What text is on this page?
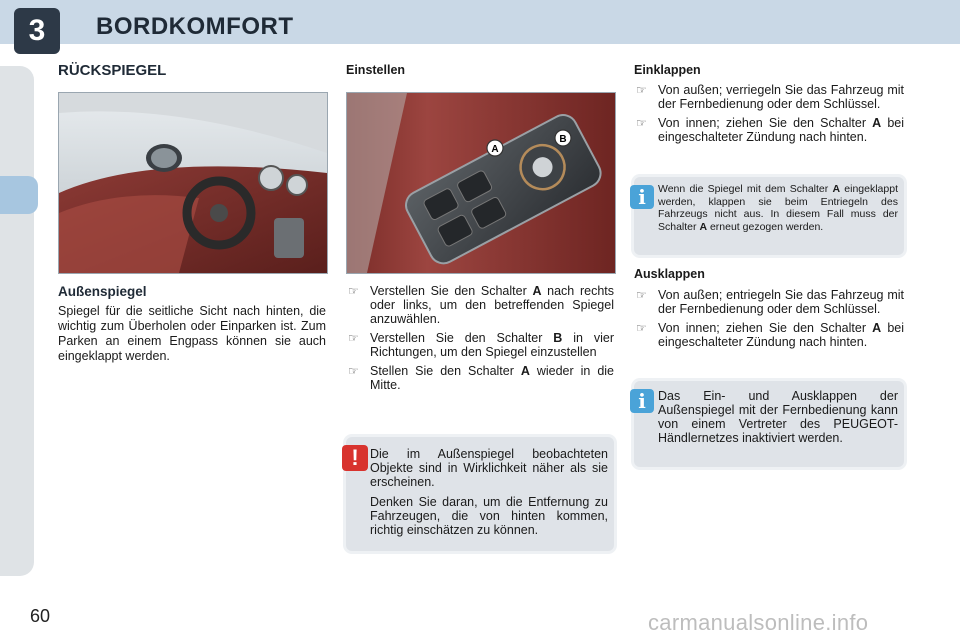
3	BORDKOMFORT
RÜCKSPIEGEL
Außenspiegel
Spiegel für die seitliche Sicht nach hinten, die wichtig zum Überholen oder Einparken ist. Zum Parken an einem Engpass können sie auch eingeklappt werden.
Einstellen
A
B
☞ Verstellen Sie den Schalter A nach rechts oder links, um den betreffenden Spiegel anzuwählen.
☞ Verstellen Sie den Schalter B in vier Richtungen, um den Spiegel einzustellen
☞ Stellen Sie den Schalter A wieder in die Mitte.
! Die im Außenspiegel beobachteten Objekte sind in Wirklichkeit näher als sie erscheinen.
Denken Sie daran, um die Entfernung zu Fahrzeugen, die von hinten kommen, richtig einschätzen zu können.
Einklappen
☞ Von außen; verriegeln Sie das Fahrzeug mit der Fernbedienung oder dem Schlüssel.
☞ Von innen; ziehen Sie den Schalter A bei eingeschalteter Zündung nach hinten.
i	Wenn die Spiegel mit dem Schalter A eingeklappt werden, klappen sie beim Entriegeln des Fahrzeugs nicht aus. In diesem Fall muss der Schalter A erneut gezogen werden.
Ausklappen
☞ Von außen; entriegeln Sie das Fahrzeug mit der Fernbedienung oder dem Schlüssel.
☞ Von innen; ziehen Sie den Schalter A bei eingeschalteter Zündung nach hinten.
i Das Ein- und Ausklappen der Außenspiegel mit der Fernbedienung kann von einem Vertreter des PEUGEOT-Händlernetzes inaktiviert werden.
60	carmanualsonline.info
